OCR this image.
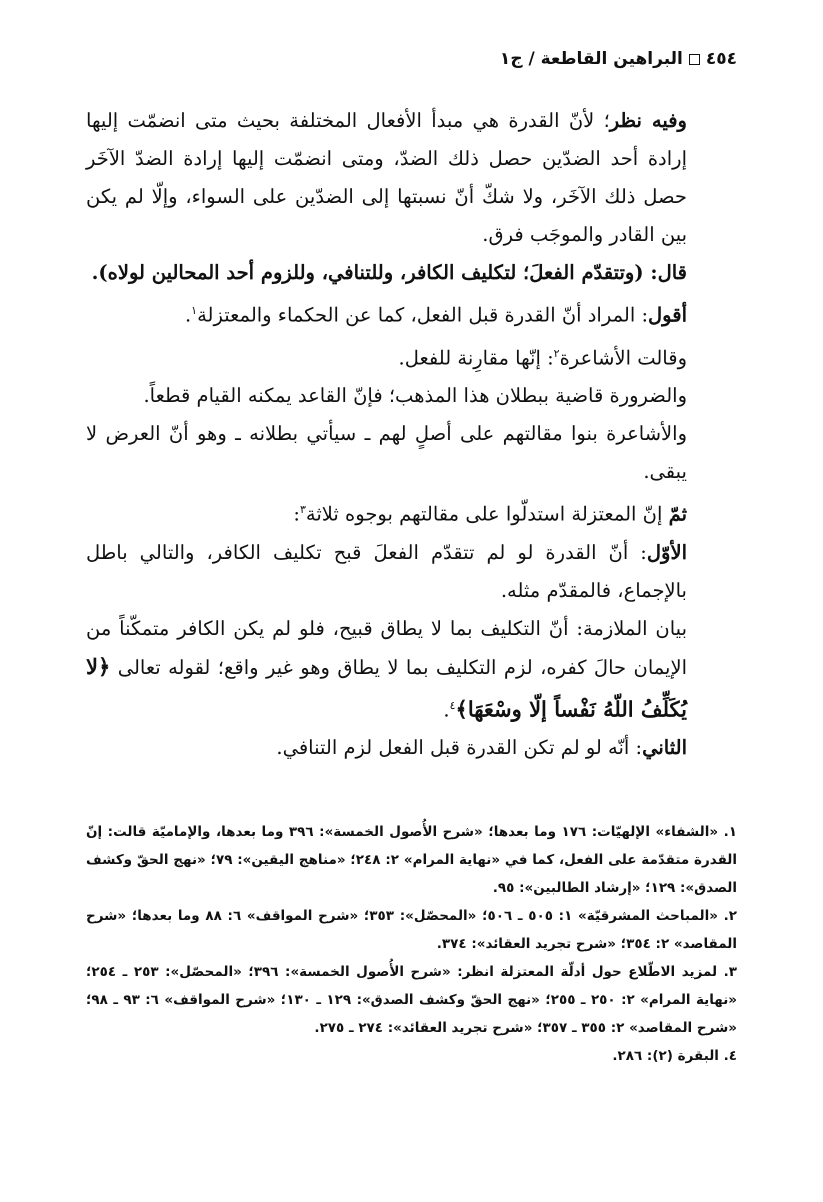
٤٥٤البراهين القاطعة / ج١

وفيه نظر؛ لأنّ القدرة هي مبدأ الأفعال المختلفة بحيث متى انضمّت إليها إرادة أحد الضدّين حصل ذلك الضدّ، ومتى انضمّت إليها إرادة الضدّ الآخَر حصل ذلك الآخَر، ولا شكّ أنّ نسبتها إلى الضدّين على السواء، وإلّا لم يكن بين القادر والموجَب فرق.

قال: (وتتقدّم الفعلَ؛ لتكليف الكافر، وللتنافي، وللزوم أحد المحالين لولاه).

أقول: المراد أنّ القدرة قبل الفعل، كما عن الحكماء والمعتزلة$^١$.

وقالت الأشاعرة$^٢$: إنّها مقارِنة للفعل.

والضرورة قاضية ببطلان هذا المذهب؛ فإنّ القاعد يمكنه القيام قطعاً.

والأشاعرة بنوا مقالتهم على أصلٍ لهم ـ سيأتي بطلانه ـ وهو أنّ العرض لا يبقى.

ثمّ إنّ المعتزلة استدلّوا على مقالتهم بوجوه ثلاثة$^٣$:

الأوّل: أنّ القدرة لو لم تتقدّم الفعلَ قبح تكليف الكافر، والتالي باطل بالإجماع، فالمقدّم مثله.

بيان الملازمة: أنّ التكليف بما لا يطاق قبيح، فلو لم يكن الكافر متمكّناً من الإيمان حالَ كفره، لزم التكليف بما لا يطاق وهو غير واقع؛ لقوله تعالى ﴿لا يُكَلِّفُ اللّهُ نَفْساً إلّا وسْعَهَا﴾$^٤$.

الثاني: أنّه لو لم تكن القدرة قبل الفعل لزم التنافي.

١. «الشفاء» الإلهيّات: ١٧٦ وما بعدها؛ «شرح الأُصول الخمسة»: ٣٩٦ وما بعدها، والإماميّة قالت: إنّ القدرة متقدّمة على الفعل، كما في «نهاية المرام» ٢: ٢٤٨؛ «مناهج اليقين»: ٧٩؛ «نهج الحقّ وكشف الصدق»: ١٢٩؛ «إرشاد الطالبين»: ٩٥.

٢. «المباحث المشرقيّة» ١: ٥٠٥ ـ ٥٠٦؛ «المحصّل»: ٣٥٣؛ «شرح المواقف» ٦: ٨٨ وما بعدها؛ «شرح المقاصد» ٢: ٣٥٤؛ «شرح تجريد العقائد»: ٣٧٤.

٣. لمزيد الاطّلاع حول أدلّة المعتزلة انظر: «شرح الأُصول الخمسة»: ٣٩٦؛ «المحصّل»: ٢٥٣ ـ ٢٥٤؛ «نهاية المرام» ٢: ٢٥٠ ـ ٢٥٥؛ «نهج الحقّ وكشف الصدق»: ١٢٩ ـ ١٣٠؛ «شرح المواقف» ٦: ٩٣ ـ ٩٨؛ «شرح المقاصد» ٢: ٣٥٥ ـ ٣٥٧؛ «شرح تجريد العقائد»: ٢٧٤ ـ ٢٧٥.

٤. البقرة (٢): ٢٨٦.
